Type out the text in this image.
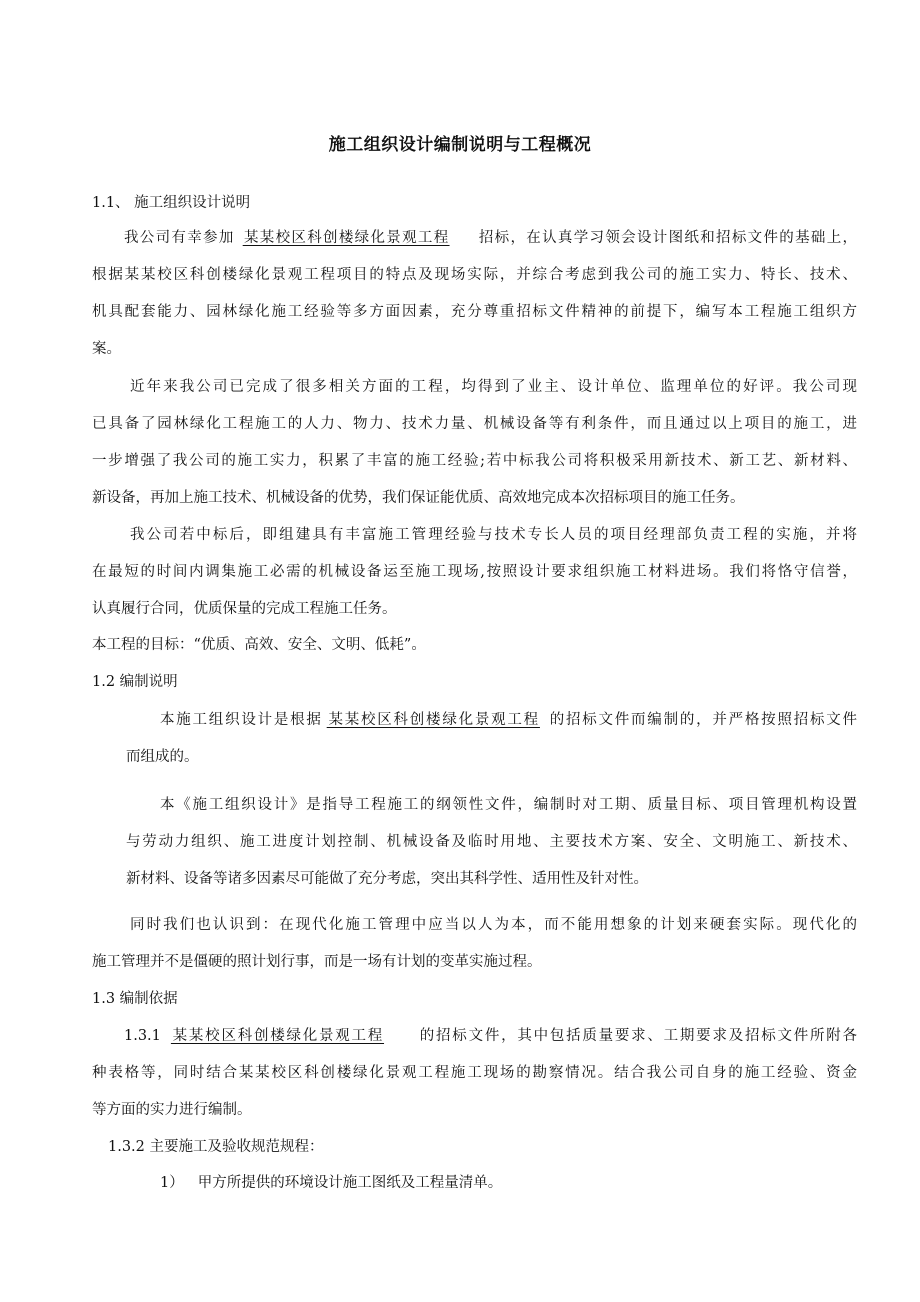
施工组织设计编制说明与工程概况
1.1、 施工组织设计说明
我公司有幸参加 某某校区科创楼绿化景观工程 招标，在认真学习领会设计图纸和招标文件的基础上，
根据某某校区科创楼绿化景观工程项目的特点及现场实际，并综合考虑到我公司的施工实力、特长、技术、
机具配套能力、园林绿化施工经验等多方面因素，充分尊重招标文件精神的前提下，编写本工程施工组织方
案。
近年来我公司已完成了很多相关方面的工程，均得到了业主、设计单位、监理单位的好评。我公司现
已具备了园林绿化工程施工的人力、物力、技术力量、机械设备等有利条件，而且通过以上项目的施工，进
一步增强了我公司的施工实力，积累了丰富的施工经验;若中标我公司将积极采用新技术、新工艺、新材料、
新设备，再加上施工技术、机械设备的优势，我们保证能优质、高效地完成本次招标项目的施工任务。
我公司若中标后，即组建具有丰富施工管理经验与技术专长人员的项目经理部负责工程的实施，并将
在最短的时间内调集施工必需的机械设备运至施工现场,按照设计要求组织施工材料进场。我们将恪守信誉，
认真履行合同，优质保量的完成工程施工任务。
本工程的目标：“优质、高效、安全、文明、低耗”。
1.2 编制说明
本施工组织设计是根据 某某校区科创楼绿化景观工程 的招标文件而编制的，并严格按照招标文件
而组成的。
本《施工组织设计》是指导工程施工的纲领性文件，编制时对工期、质量目标、项目管理机构设置
与劳动力组织、施工进度计划控制、机械设备及临时用地、主要技术方案、安全、文明施工、新技术、
新材料、设备等诸多因素尽可能做了充分考虑，突出其科学性、适用性及针对性。
同时我们也认识到：在现代化施工管理中应当以人为本，而不能用想象的计划来硬套实际。现代化的
施工管理并不是僵硬的照计划行事，而是一场有计划的变革实施过程。
1.3 编制依据
1.3.1 某某校区科创楼绿化景观工程 的招标文件，其中包括质量要求、工期要求及招标文件所附各
种表格等，同时结合某某校区科创楼绿化景观工程施工现场的勘察情况。结合我公司自身的施工经验、资金
等方面的实力进行编制。
1.3.2 主要施工及验收规范规程：
1） 甲方所提供的环境设计施工图纸及工程量清单。
